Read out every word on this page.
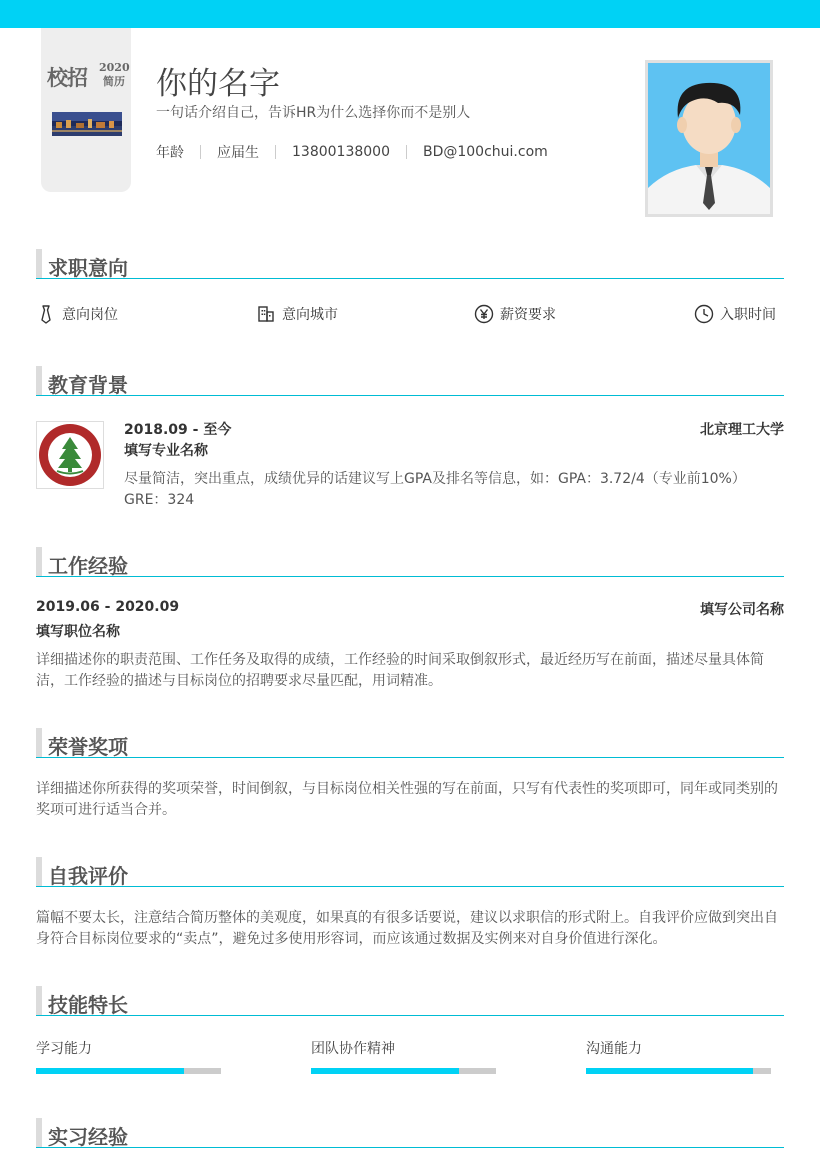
校招 2020
简历 你的名字
一句话介绍自己，告诉HR为什么选择你而不是别人
年龄 应届生 13800138000 BD@100chui.com
求职意向
意向岗位	意向城市	薪资要求	入职时间
教育背景
2018.09 - 至今	北京理工大学
填写专业名称
尽量简洁，突出重点，成绩优异的话建议写上GPA及排名等信息，如：GPA：3.72/4（专业前10%） GRE：324
工作经验
2019.06 - 2020.09	填写公司名称
填写职位名称
详细描述你的职责范围、工作任务及取得的成绩，工作经验的时间采取倒叙形式，最近经历写在前面，描述尽量具体简洁，工作经验的描述与目标岗位的招聘要求尽量匹配，用词精准。
荣誉奖项
详细描述你所获得的奖项荣誉，时间倒叙，与目标岗位相关性强的写在前面，只写有代表性的奖项即可，同年或同类别的奖项可进行适当合并。
自我评价
篇幅不要太长，注意结合简历整体的美观度，如果真的有很多话要说，建议以求职信的形式附上。自我评价应做到突出自身符合目标岗位要求的“卖点”，避免过多使用形容词，而应该通过数据及实例来对自身价值进行深化。
技能特长
学习能力	团队协作精神	沟通能力
实习经验
